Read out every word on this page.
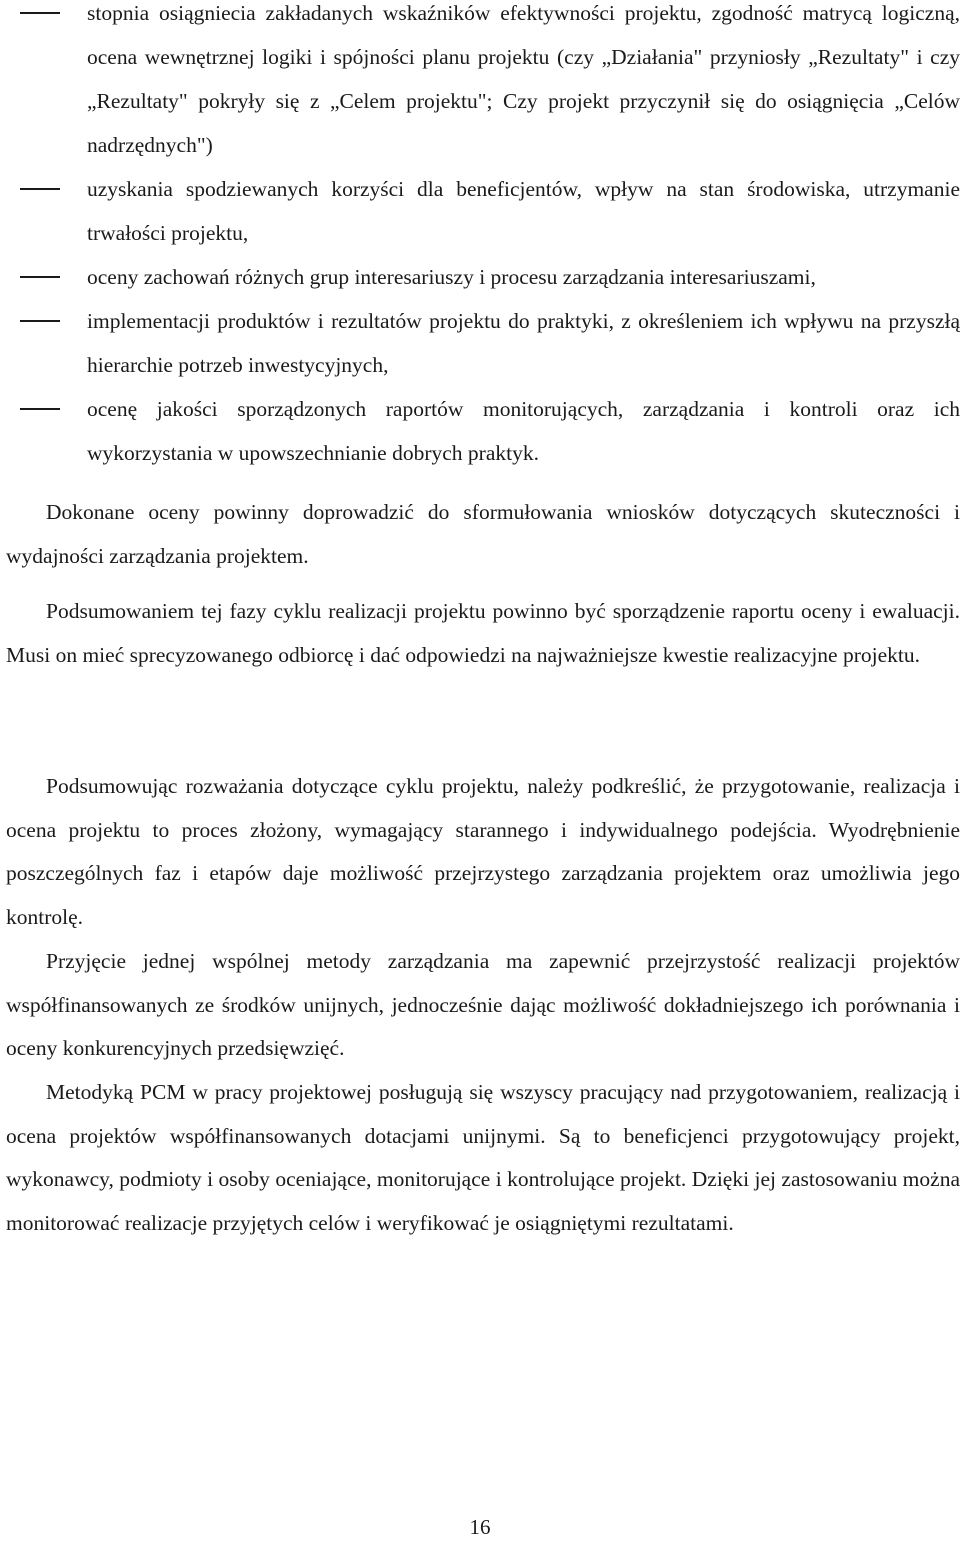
stopnia osiągniecia zakładanych wskaźników efektywności projektu, zgodność matrycą logiczną, ocena wewnętrznej logiki i spójności planu projektu (czy „Działania" przyniosły „Rezultaty" i czy „Rezultaty" pokryły się z „Celem projektu"; Czy projekt przyczynił się do osiągnięcia „Celów nadrzędnych")
uzyskania spodziewanych korzyści dla beneficjentów, wpływ na stan środowiska, utrzymanie trwałości projektu,
oceny zachowań różnych grup interesariuszy i procesu zarządzania interesariuszami,
implementacji produktów i rezultatów projektu do praktyki, z określeniem ich wpływu na przyszłą hierarchie potrzeb inwestycyjnych,
ocenę jakości sporządzonych raportów monitorujących, zarządzania i kontroli oraz ich wykorzystania w upowszechnianie dobrych praktyk.

Dokonane oceny powinny doprowadzić do sformułowania wniosków dotyczących skuteczności i wydajności zarządzania projektem.

Podsumowaniem tej fazy cyklu realizacji projektu powinno być sporządzenie raportu oceny i ewaluacji. Musi on mieć sprecyzowanego odbiorcę i dać odpowiedzi na najważniejsze kwestie realizacyjne projektu.

Podsumowując rozważania dotyczące cyklu projektu, należy podkreślić, że przygotowanie, realizacja i ocena projektu to proces złożony, wymagający starannego i indywidualnego podejścia. Wyodrębnienie poszczególnych faz i etapów daje możliwość przejrzystego zarządzania projektem oraz umożliwia jego kontrolę.

Przyjęcie jednej wspólnej metody zarządzania ma zapewnić przejrzystość realizacji projektów współfinansowanych ze środków unijnych, jednocześnie dając możliwość dokładniejszego ich porównania i oceny konkurencyjnych przedsięwzięć.

Metodyką PCM w pracy projektowej posługują się wszyscy pracujący nad przygotowaniem, realizacją i ocena projektów współfinansowanych dotacjami unijnymi. Są to beneficjenci przygotowujący projekt, wykonawcy, podmioty i osoby oceniające, monitorujące i kontrolujące projekt. Dzięki jej zastosowaniu można monitorować realizacje przyjętych celów i weryfikować je osiągniętymi rezultatami.

16
